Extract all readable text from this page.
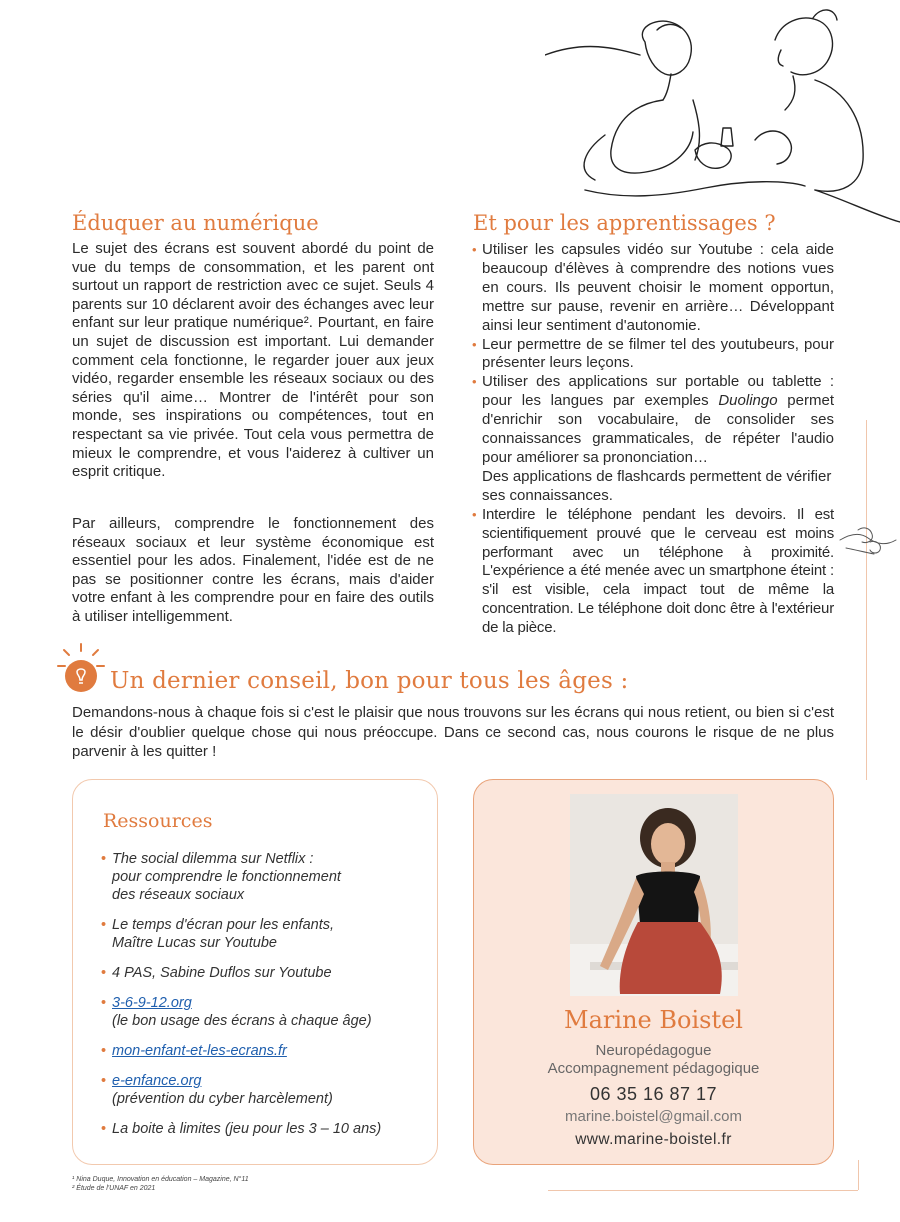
Éduquer au numérique

Le sujet des écrans est souvent abordé du point de vue du temps de consommation, et les parent ont surtout un rapport de restriction avec ce sujet. Seuls 4 parents sur 10 déclarent avoir des échanges avec leur enfant sur leur pratique numérique². Pourtant, en faire un sujet de discussion est important. Lui demander comment cela fonctionne, le regarder jouer aux jeux vidéo, regarder ensemble les réseaux sociaux ou des séries qu'il aime… Montrer de l'intérêt pour son monde, ses inspirations ou compétences, tout en respectant sa vie privée. Tout cela vous permettra de mieux le comprendre, et vous l'aiderez à cultiver un esprit critique.

Par ailleurs, comprendre le fonctionnement des réseaux sociaux et leur système économique est essentiel pour les ados. Finalement, l'idée est de ne pas se positionner contre les écrans, mais d'aider votre enfant à les comprendre pour en faire des outils à utiliser intelligemment.

Et pour les apprentissages ?
• Utiliser les capsules vidéo sur Youtube : cela aide beaucoup d'élèves à comprendre des notions vues en cours. Ils peuvent choisir le moment opportun, mettre sur pause, revenir en arrière… Développant ainsi leur sentiment d'autonomie.
• Leur permettre de se filmer tel des youtubeurs, pour présenter leurs leçons.
• Utiliser des applications sur portable ou tablette : pour les langues par exemples Duolingo permet d'enrichir son vocabulaire, de consolider ses connaissances grammaticales, de répéter l'audio pour améliorer sa prononciation…
Des applications de flashcards permettent de vérifier ses connaissances.
• Interdire le téléphone pendant les devoirs. Il est scientifiquement prouvé que le cerveau est moins performant avec un téléphone à proximité. L'expérience a été menée avec un smartphone éteint : s'il est visible, cela impact tout de même la concentration. Le téléphone doit donc être à l'extérieur de la pièce.
Un dernier conseil, bon pour tous les âges :

Demandons-nous à chaque fois si c'est le plaisir que nous trouvons sur les écrans qui nous retient, ou bien si c'est le désir d'oublier quelque chose qui nous préoccupe. Dans ce second cas, nous courons le risque de ne plus parvenir à les quitter !

Ressources
• The social dilemma sur Netflix :
pour comprendre le fonctionnement
des réseaux sociaux
• Le temps d'écran pour les enfants,
Maître Lucas sur Youtube
• 4 PAS, Sabine Duflos sur Youtube
• 3-6-9-12.org
(le bon usage des écrans à chaque âge)
• mon-enfant-et-les-ecrans.fr
• e-enfance.org
(prévention du cyber harcèlement)
• La boite à limites (jeu pour les 3 – 10 ans)
Marine Boistel
Neuropédagogue
Accompagnement pédagogique
06 35 16 87 17
marine.boistel@gmail.com
www.marine-boistel.fr
¹ Nina Duque, Innovation en éducation – Magazine, N°11
² Étude de l'UNAF en 2021
